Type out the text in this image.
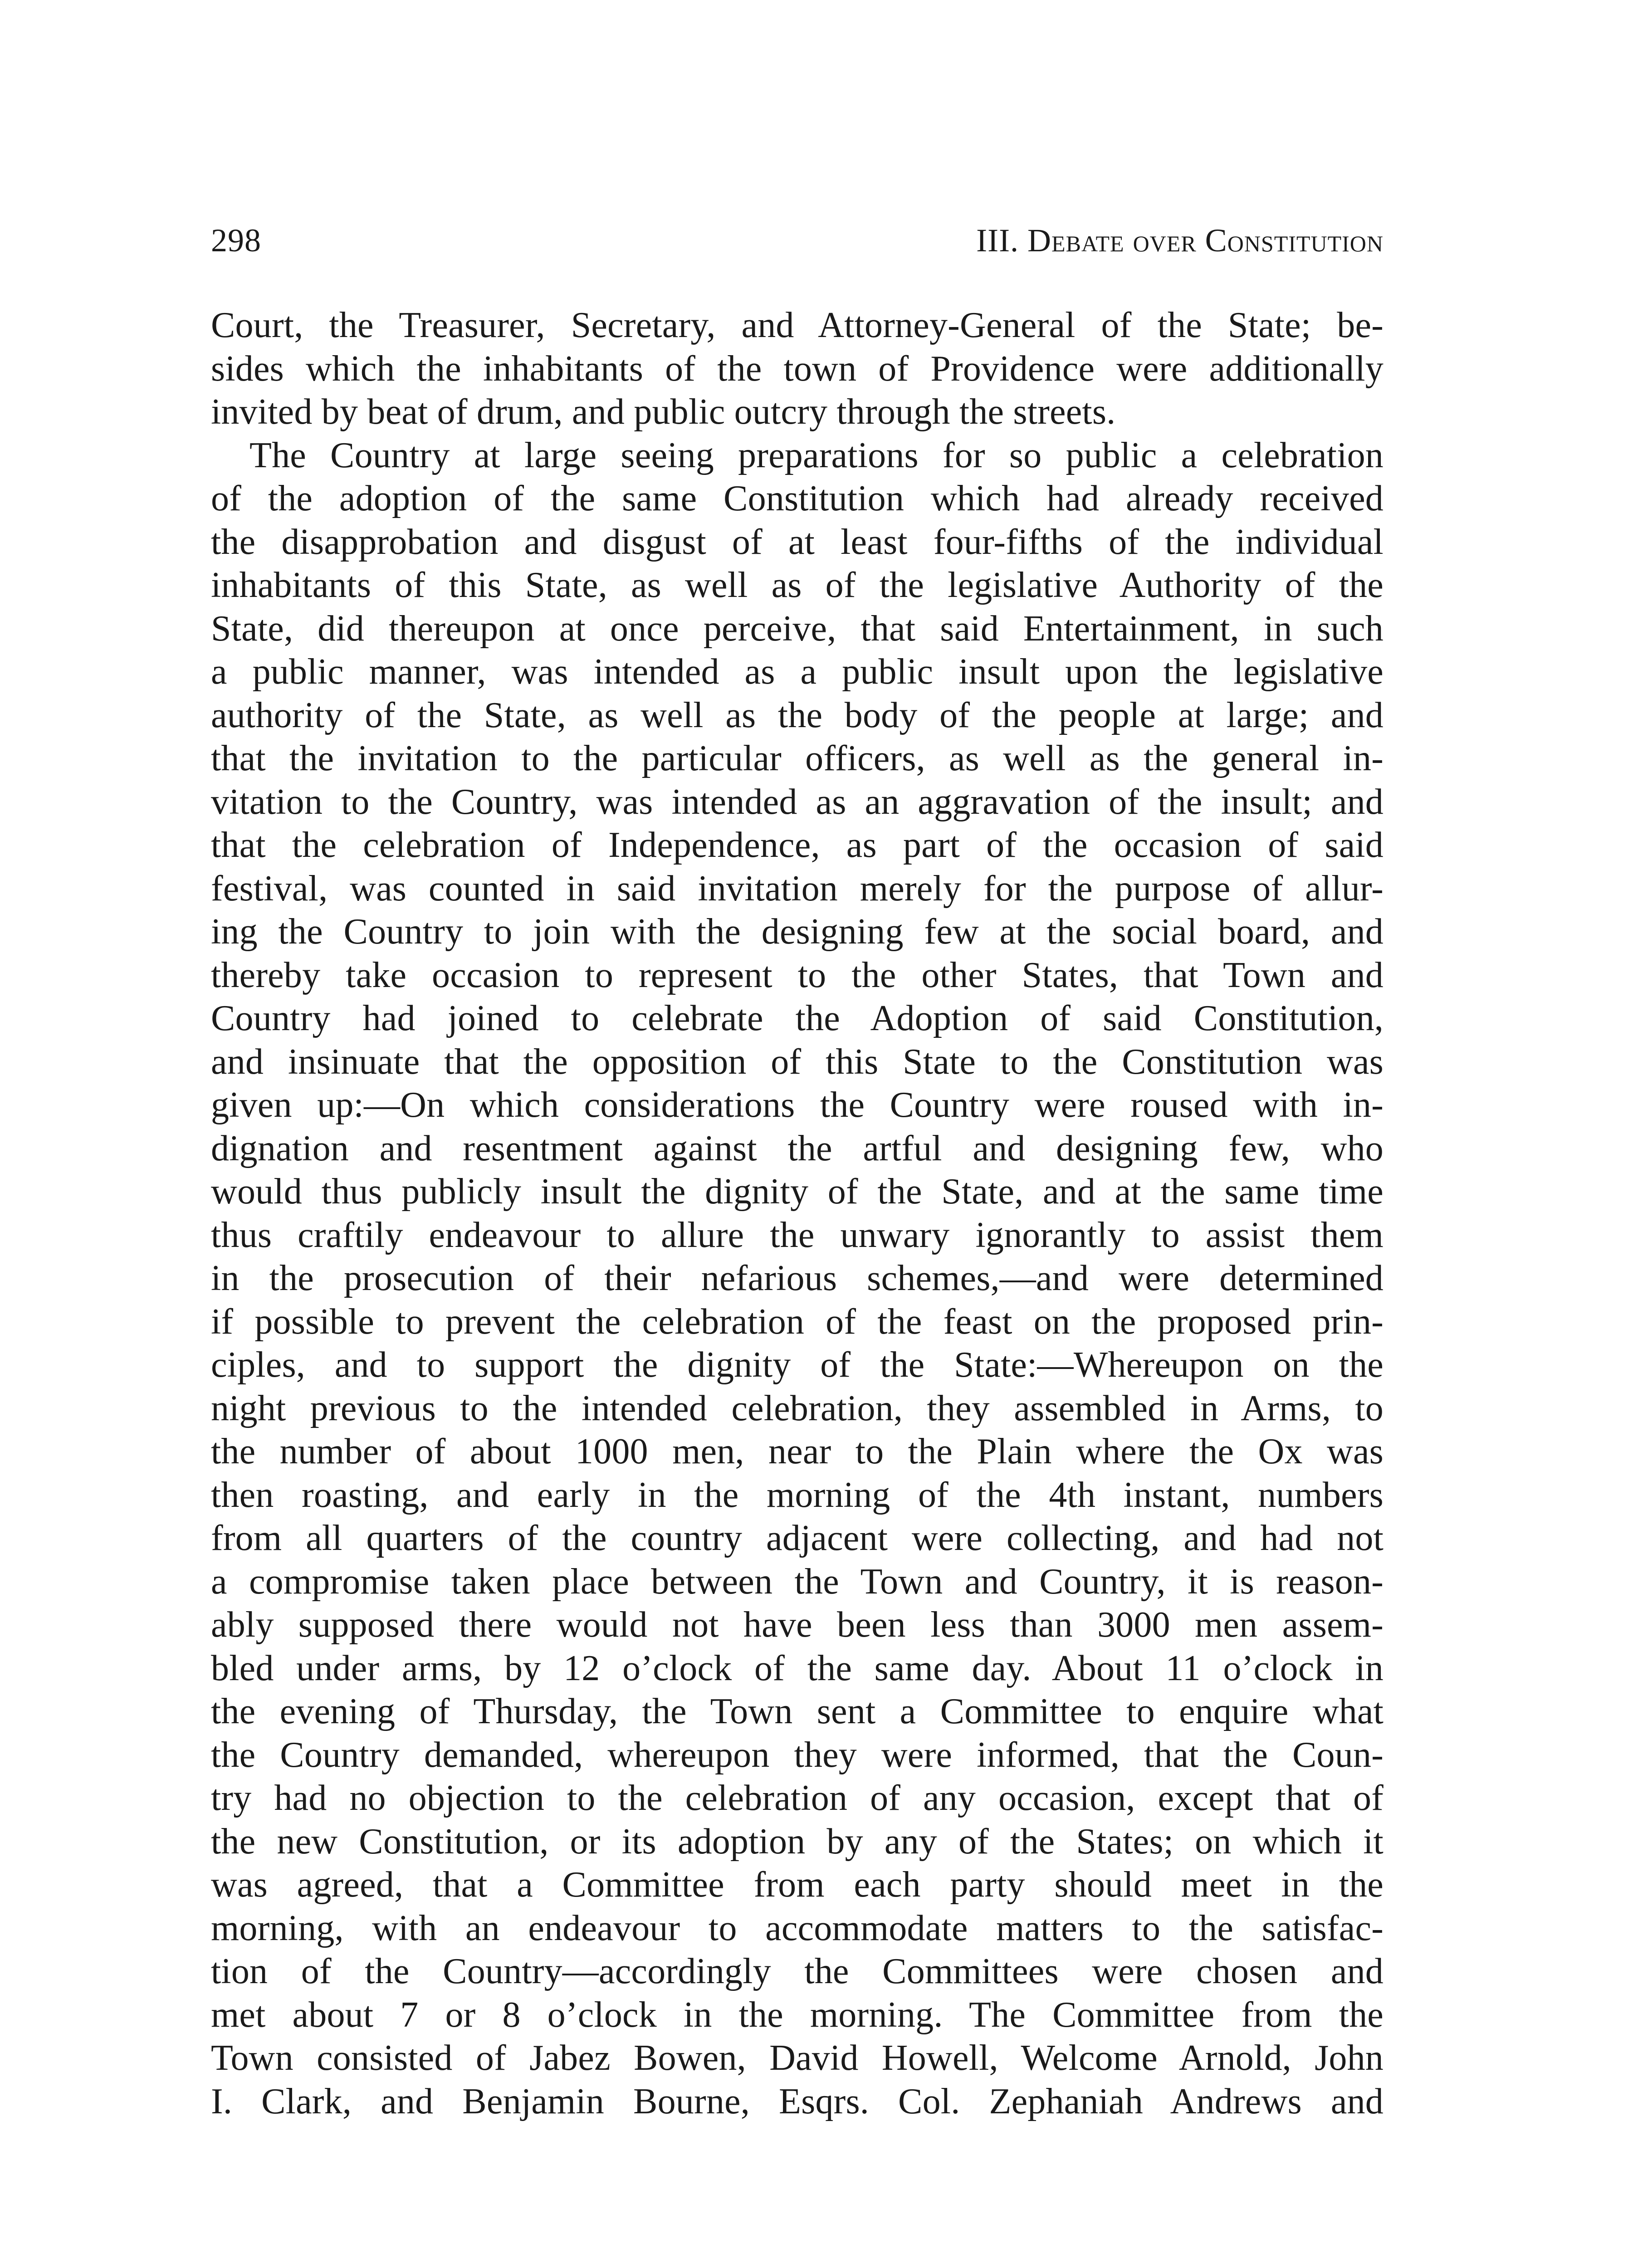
298	III. Debate over Constitution
Court, the Treasurer, Secretary, and Attorney-General of the State; be-
sides which the inhabitants of the town of Providence were additionally
invited by beat of drum, and public outcry through the streets.
The Country at large seeing preparations for so public a celebration
of the adoption of the same Constitution which had already received
the disapprobation and disgust of at least four-fifths of the individual
inhabitants of this State, as well as of the legislative Authority of the
State, did thereupon at once perceive, that said Entertainment, in such
a public manner, was intended as a public insult upon the legislative
authority of the State, as well as the body of the people at large; and
that the invitation to the particular officers, as well as the general in-
vitation to the Country, was intended as an aggravation of the insult; and
that the celebration of Independence, as part of the occasion of said
festival, was counted in said invitation merely for the purpose of allur-
ing the Country to join with the designing few at the social board, and
thereby take occasion to represent to the other States, that Town and
Country had joined to celebrate the Adoption of said Constitution,
and insinuate that the opposition of this State to the Constitution was
given up:—On which considerations the Country were roused with in-
dignation and resentment against the artful and designing few, who
would thus publicly insult the dignity of the State, and at the same time
thus craftily endeavour to allure the unwary ignorantly to assist them
in the prosecution of their nefarious schemes,—and were determined
if possible to prevent the celebration of the feast on the proposed prin-
ciples, and to support the dignity of the State:—Whereupon on the
night previous to the intended celebration, they assembled in Arms, to
the number of about 1000 men, near to the Plain where the Ox was
then roasting, and early in the morning of the 4th instant, numbers
from all quarters of the country adjacent were collecting, and had not
a compromise taken place between the Town and Country, it is reason-
ably supposed there would not have been less than 3000 men assem-
bled under arms, by 12 o’clock of the same day. About 11 o’clock in
the evening of Thursday, the Town sent a Committee to enquire what
the Country demanded, whereupon they were informed, that the Coun-
try had no objection to the celebration of any occasion, except that of
the new Constitution, or its adoption by any of the States; on which it
was agreed, that a Committee from each party should meet in the
morning, with an endeavour to accommodate matters to the satisfac-
tion of the Country—accordingly the Committees were chosen and
met about 7 or 8 o’clock in the morning. The Committee from the
Town consisted of Jabez Bowen, David Howell, Welcome Arnold, John
I. Clark, and Benjamin Bourne, Esqrs. Col. Zephaniah Andrews and
